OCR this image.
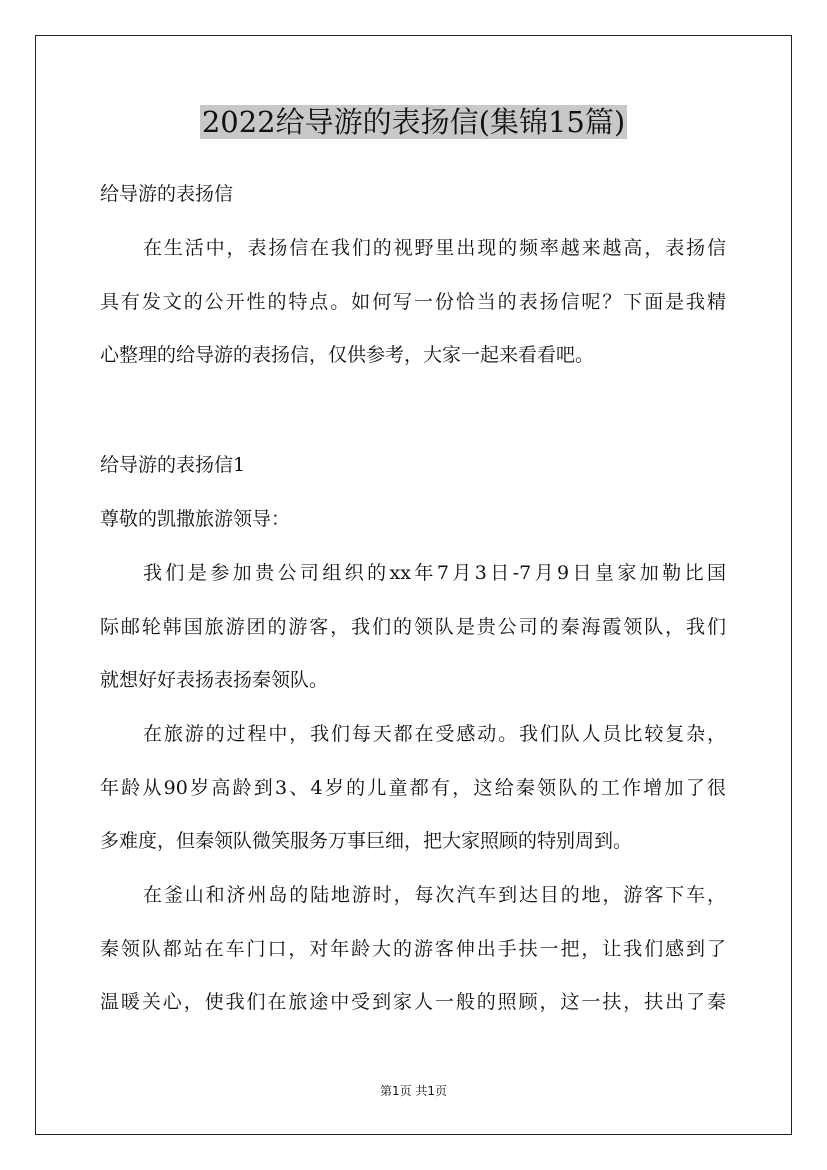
2022给导游的表扬信(集锦15篇)
给导游的表扬信
在生活中，表扬信在我们的视野里出现的频率越来越高，表扬信
具有发文的公开性的特点。如何写一份恰当的表扬信呢？下面是我精
心整理的给导游的表扬信，仅供参考，大家一起来看看吧。
给导游的表扬信1
尊敬的凯撒旅游领导：
我们是参加贵公司组织的xx年7月3日-7月9日皇家加勒比国
际邮轮韩国旅游团的游客，我们的领队是贵公司的秦海霞领队，我们
就想好好表扬表扬秦领队。
在旅游的过程中，我们每天都在受感动。我们队人员比较复杂，
年龄从90岁高龄到3、4岁的儿童都有，这给秦领队的工作增加了很
多难度，但秦领队微笑服务万事巨细，把大家照顾的特别周到。
在釜山和济州岛的陆地游时，每次汽车到达目的地，游客下车，
秦领队都站在车门口，对年龄大的游客伸出手扶一把，让我们感到了
温暖关心，使我们在旅途中受到家人一般的照顾，这一扶，扶出了秦
第1页 共1页
